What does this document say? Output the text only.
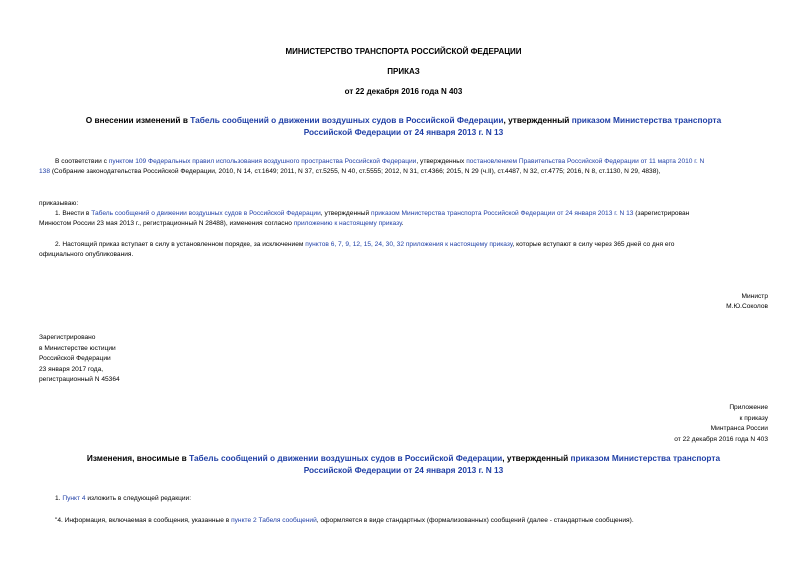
МИНИСТЕРСТВО ТРАНСПОРТА РОССИЙСКОЙ ФЕДЕРАЦИИ
ПРИКАЗ
от 22 декабря 2016 года N 403
О внесении изменений в Табель сообщений о движении воздушных судов в Российской Федерации, утвержденный приказом Министерства транспорта
Российской Федерации от 24 января 2013 г. N 13
В соответствии с пунктом 109 Федеральных правил использования воздушного пространства Российской Федерации, утвержденных постановлением Правительства Российской Федерации от 11 марта 2010 г. N
138 (Собрание законодательства Российской Федерации, 2010, N 14, ст.1649; 2011, N 37, ст.5255, N 40, ст.5555; 2012, N 31, ст.4366; 2015, N 29 (ч.II), ст.4487, N 32, ст.4775; 2016, N 8, ст.1130, N 29, 4838),
приказываю:
1. Внести в Табель сообщений о движении воздушных судов в Российской Федерации, утвержденный приказом Министерства транспорта Российской Федерации от 24 января 2013 г. N 13 (зарегистрирован
Минюстом России 23 мая 2013 г., регистрационный N 28488), изменения согласно приложению к настоящему приказу.
2. Настоящий приказ вступает в силу в установленном порядке, за исключением пунктов 6, 7, 9, 12, 15, 24, 30, 32 приложения к настоящему приказу, которые вступают в силу через 365 дней со дня его
официального опубликования.
Министр
М.Ю.Соколов
Зарегистрировано
в Министерстве юстиции
Российской Федерации
23 января 2017 года,
регистрационный N 45364
Приложение
к приказу
Минтранса России
от 22 декабря 2016 года N 403
Изменения, вносимые в Табель сообщений о движении воздушных судов в Российской Федерации, утвержденный приказом Министерства транспорта
Российской Федерации от 24 января 2013 г. N 13
1. Пункт 4 изложить в следующей редакции:
"4. Информация, включаемая в сообщения, указанные в пункте 2 Табеля сообщений, оформляется в виде стандартных (формализованных) сообщений (далее - стандартные сообщения).
